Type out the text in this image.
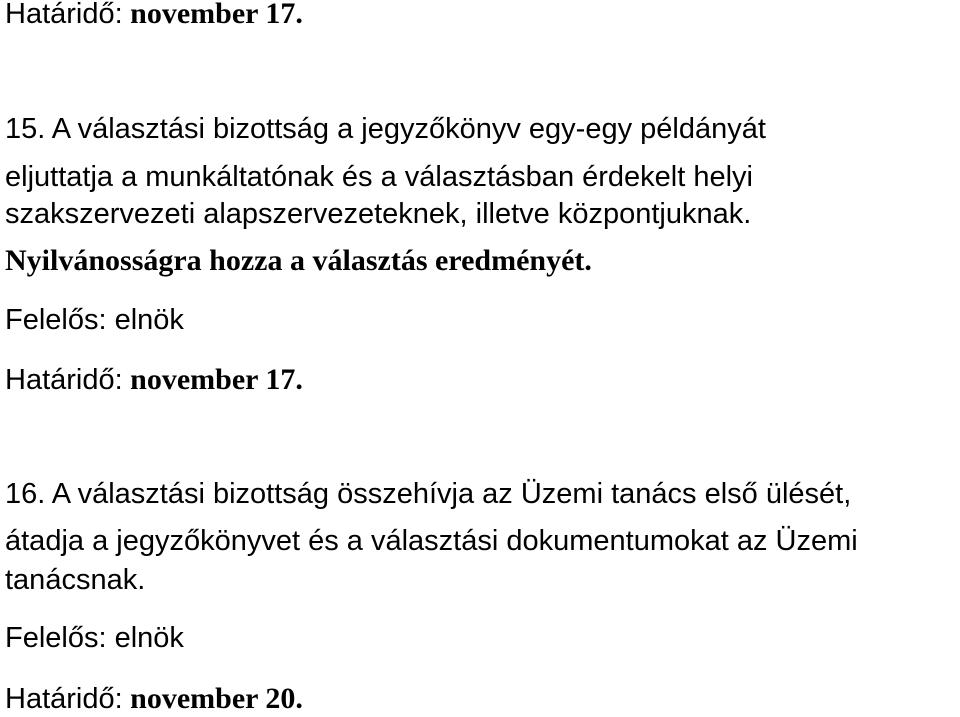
Határidő: november 17.
15. A választási bizottság a jegyzőkönyv egy-egy példányát
eljuttatja a munkáltatónak és a választásban érdekelt helyi
szakszervezeti alapszervezeteknek, illetve központjuknak.
Nyilvánosságra hozza a választás eredményét.
Felelős: elnök
Határidő: november 17.
16. A választási bizottság összehívja az Üzemi tanács első ülését,
átadja a jegyzőkönyvet és a választási dokumentumokat az Üzemi
tanácsnak.
Felelős: elnök
Határidő: november 20.
